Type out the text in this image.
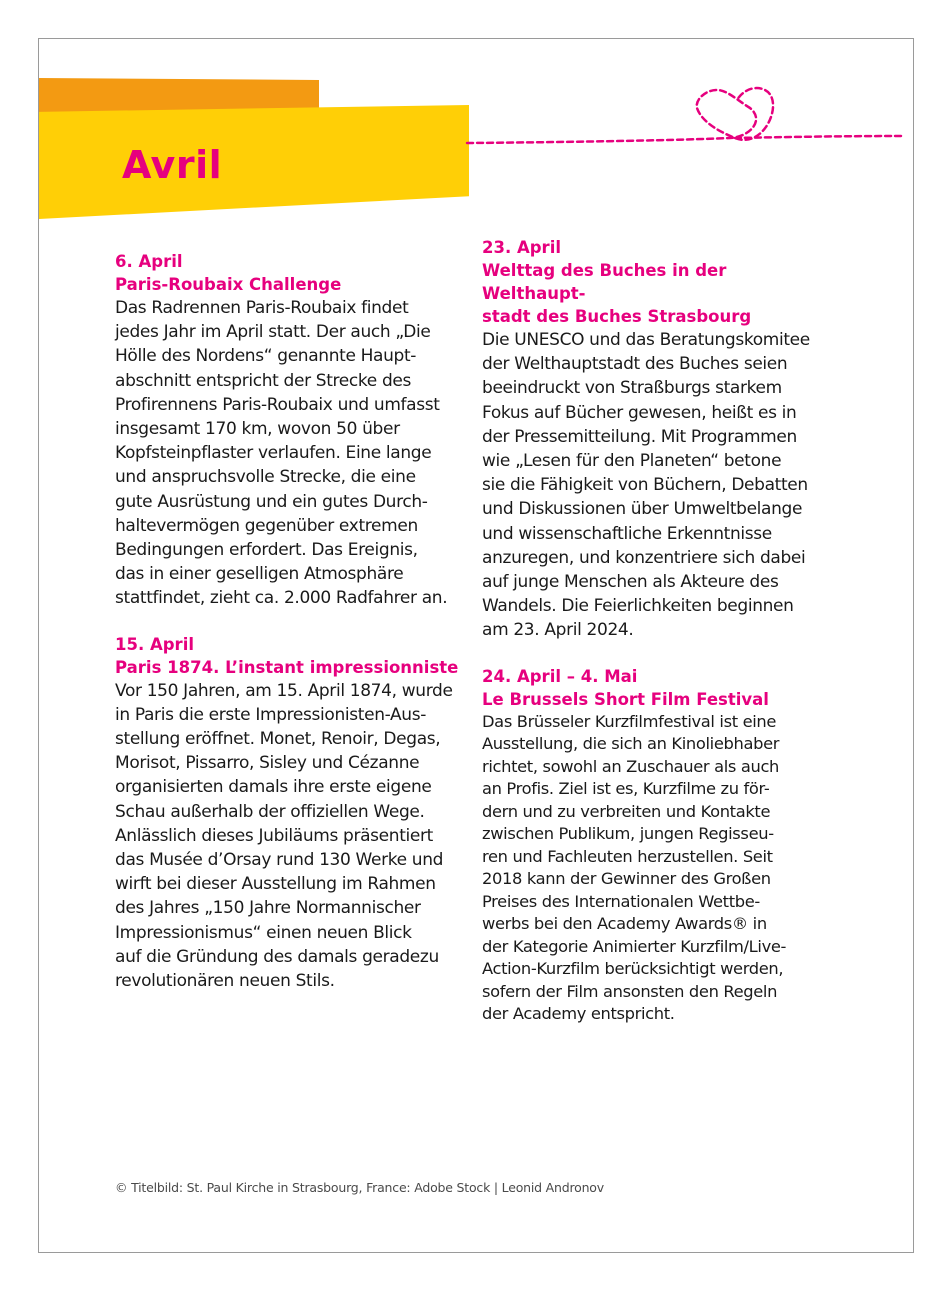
Avril
6. April
Paris-Roubaix Challenge
Das Radrennen Paris-Roubaix findet
jedes Jahr im April statt. Der auch „Die
Hölle des Nordens“ genannte Haupt-
abschnitt entspricht der Strecke des
Profirennens Paris-Roubaix und umfasst
insgesamt 170 km, wovon 50 über
Kopfsteinpflaster verlaufen. Eine lange
und anspruchsvolle Strecke, die eine
gute Ausrüstung und ein gutes Durch-
haltevermögen gegenüber extremen
Bedingungen erfordert. Das Ereignis,
das in einer geselligen Atmosphäre
stattfindet, zieht ca. 2.000 Radfahrer an.
15. April
Paris 1874. L’instant impressionniste
Vor 150 Jahren, am 15. April 1874, wurde
in Paris die erste Impressionisten-Aus-
stellung eröffnet. Monet, Renoir, Degas,
Morisot, Pissarro, Sisley und Cézanne
organisierten damals ihre erste eigene
Schau außerhalb der offiziellen Wege.
Anlässlich dieses Jubiläums präsentiert
das Musée d’Orsay rund 130 Werke und
wirft bei dieser Ausstellung im Rahmen
des Jahres „150 Jahre Normannischer
Impressionismus“ einen neuen Blick
auf die Gründung des damals geradezu
revolutionären neuen Stils.
23. April
Welttag des Buches in der Welthaupt-
stadt des Buches Strasbourg
Die UNESCO und das Beratungskomitee
der Welthauptstadt des Buches seien
beeindruckt von Straßburgs starkem
Fokus auf Bücher gewesen, heißt es in
der Pressemitteilung. Mit Programmen
wie „Lesen für den Planeten“ betone
sie die Fähigkeit von Büchern, Debatten
und Diskussionen über Umweltbelange
und wissenschaftliche Erkenntnisse
anzuregen, und konzentriere sich dabei
auf junge Menschen als Akteure des
Wandels. Die Feierlichkeiten beginnen
am 23. April 2024.
24. April – 4. Mai
Le Brussels Short Film Festival
Das Brüsseler Kurzfilmfestival ist eine
Ausstellung, die sich an Kinoliebhaber
richtet, sowohl an Zuschauer als auch
an Profis. Ziel ist es, Kurzfilme zu för-
dern und zu verbreiten und Kontakte
zwischen Publikum, jungen Regisseu-
ren und Fachleuten herzustellen. Seit
2018 kann der Gewinner des Großen
Preises des Internationalen Wettbe-
werbs bei den Academy Awards® in
der Kategorie Animierter Kurzfilm/Live-
Action-Kurzfilm berücksichtigt werden,
sofern der Film ansonsten den Regeln
der Academy entspricht.
© Titelbild: St. Paul Kirche in Strasbourg, France: Adobe Stock | Leonid Andronov
